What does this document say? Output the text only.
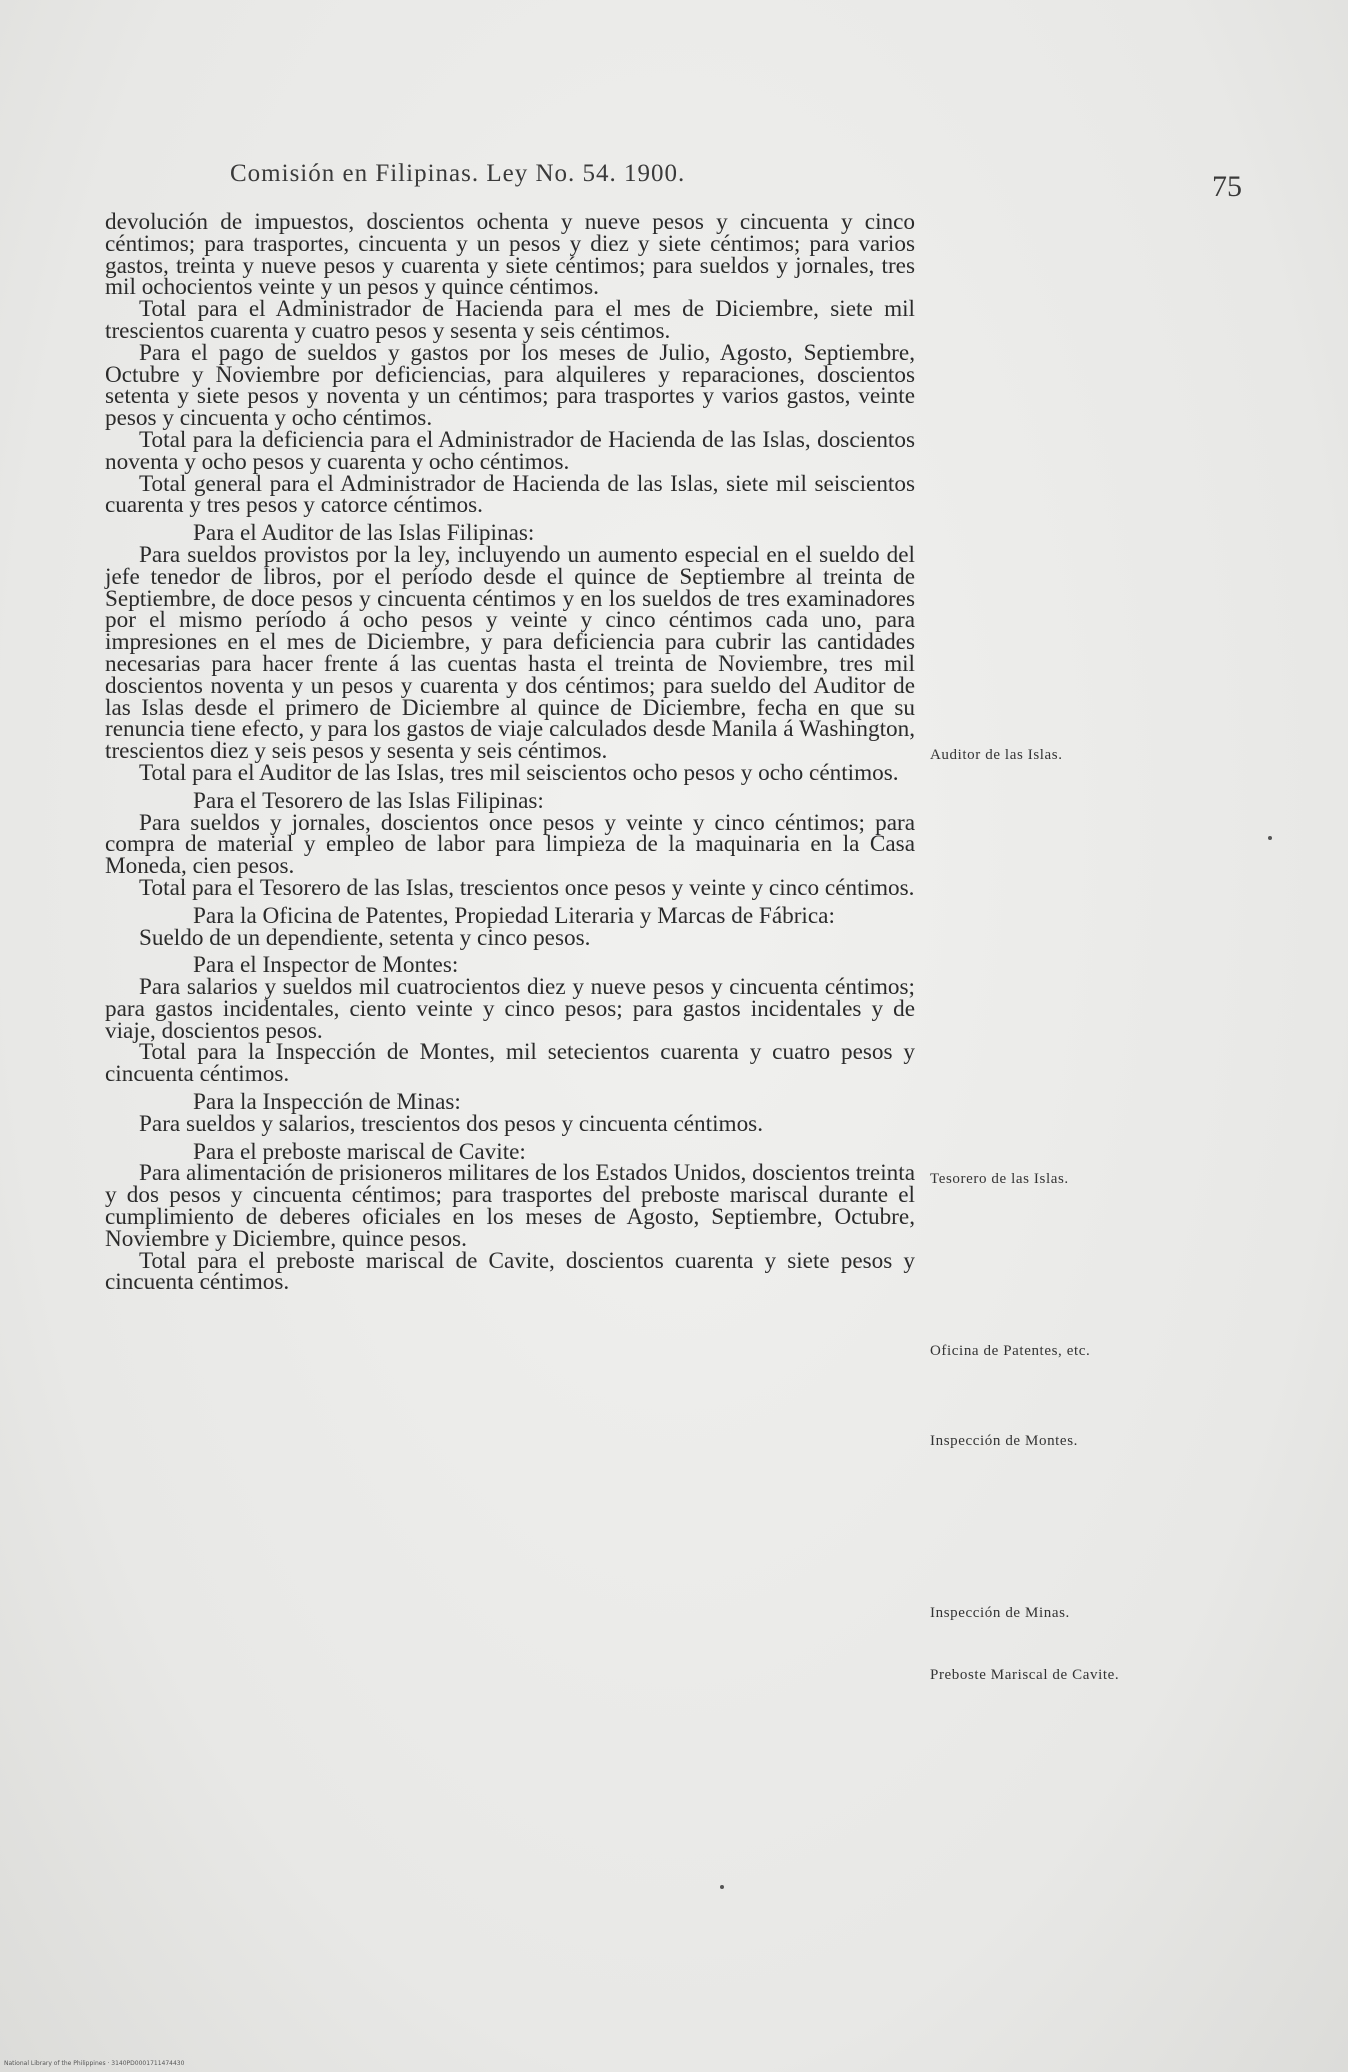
Comisión en Filipinas. Ley No. 54. 1900.	75

devolución de impuestos, doscientos ochenta y nueve pesos y cincuenta y cinco céntimos; para trasportes, cincuenta y un pesos y diez y siete céntimos; para varios gastos, treinta y nueve pesos y cuarenta y siete céntimos; para sueldos y jornales, tres mil ochocientos veinte y un pesos y quince céntimos.

Total para el Administrador de Hacienda para el mes de Diciembre, siete mil trescientos cuarenta y cuatro pesos y sesenta y seis céntimos.

Para el pago de sueldos y gastos por los meses de Julio, Agosto, Septiembre, Octubre y Noviembre por deficiencias, para alquileres y reparaciones, doscientos setenta y siete pesos y noventa y un céntimos; para trasportes y varios gastos, veinte pesos y cincuenta y ocho céntimos.

Total para la deficiencia para el Administrador de Hacienda de las Islas, doscientos noventa y ocho pesos y cuarenta y ocho céntimos.

Total general para el Administrador de Hacienda de las Islas, siete mil seiscientos cuarenta y tres pesos y catorce céntimos.

Para el Auditor de las Islas Filipinas:

Para sueldos provistos por la ley, incluyendo un aumento especial en el sueldo del jefe tenedor de libros, por el período desde el quince de Septiembre al treinta de Septiembre, de doce pesos y cincuenta céntimos y en los sueldos de tres examinadores por el mismo período á ocho pesos y veinte y cinco céntimos cada uno, para impresiones en el mes de Diciembre, y para deficiencia para cubrir las cantidades necesarias para hacer frente á las cuentas hasta el treinta de Noviembre, tres mil doscientos noventa y un pesos y cuarenta y dos céntimos; para sueldo del Auditor de las Islas desde el primero de Diciembre al quince de Diciembre, fecha en que su renuncia tiene efecto, y para los gastos de viaje calculados desde Manila á Washington, trescientos diez y seis pesos y sesenta y seis céntimos.

Total para el Auditor de las Islas, tres mil seiscientos ocho pesos y ocho céntimos.

Para el Tesorero de las Islas Filipinas:

Para sueldos y jornales, doscientos once pesos y veinte y cinco céntimos; para compra de material y empleo de labor para limpieza de la maquinaria en la Casa Moneda, cien pesos.

Total para el Tesorero de las Islas, trescientos once pesos y veinte y cinco céntimos.

Para la Oficina de Patentes, Propiedad Literaria y Marcas de Fábrica:

Sueldo de un dependiente, setenta y cinco pesos.

Para el Inspector de Montes:

Para salarios y sueldos mil cuatrocientos diez y nueve pesos y cincuenta céntimos; para gastos incidentales, ciento veinte y cinco pesos; para gastos incidentales y de viaje, doscientos pesos.

Total para la Inspección de Montes, mil setecientos cuarenta y cuatro pesos y cincuenta céntimos.

Para la Inspección de Minas:

Para sueldos y salarios, trescientos dos pesos y cincuenta céntimos.

Para el preboste mariscal de Cavite:

Para alimentación de prisioneros militares de los Estados Unidos, doscientos treinta y dos pesos y cincuenta céntimos; para trasportes del preboste mariscal durante el cumplimiento de deberes oficiales en los meses de Agosto, Septiembre, Octubre, Noviembre y Diciembre, quince pesos.

Total para el preboste mariscal de Cavite, doscientos cuarenta y siete pesos y cincuenta céntimos.

Auditor de las Islas.
Tesorero de las Islas.
Oficina de Patentes, etc.
Inspección de Montes.
Inspección de Minas.
Preboste Mariscal de Cavite.
National Library of the Philippines · 3140PD0001711474430
